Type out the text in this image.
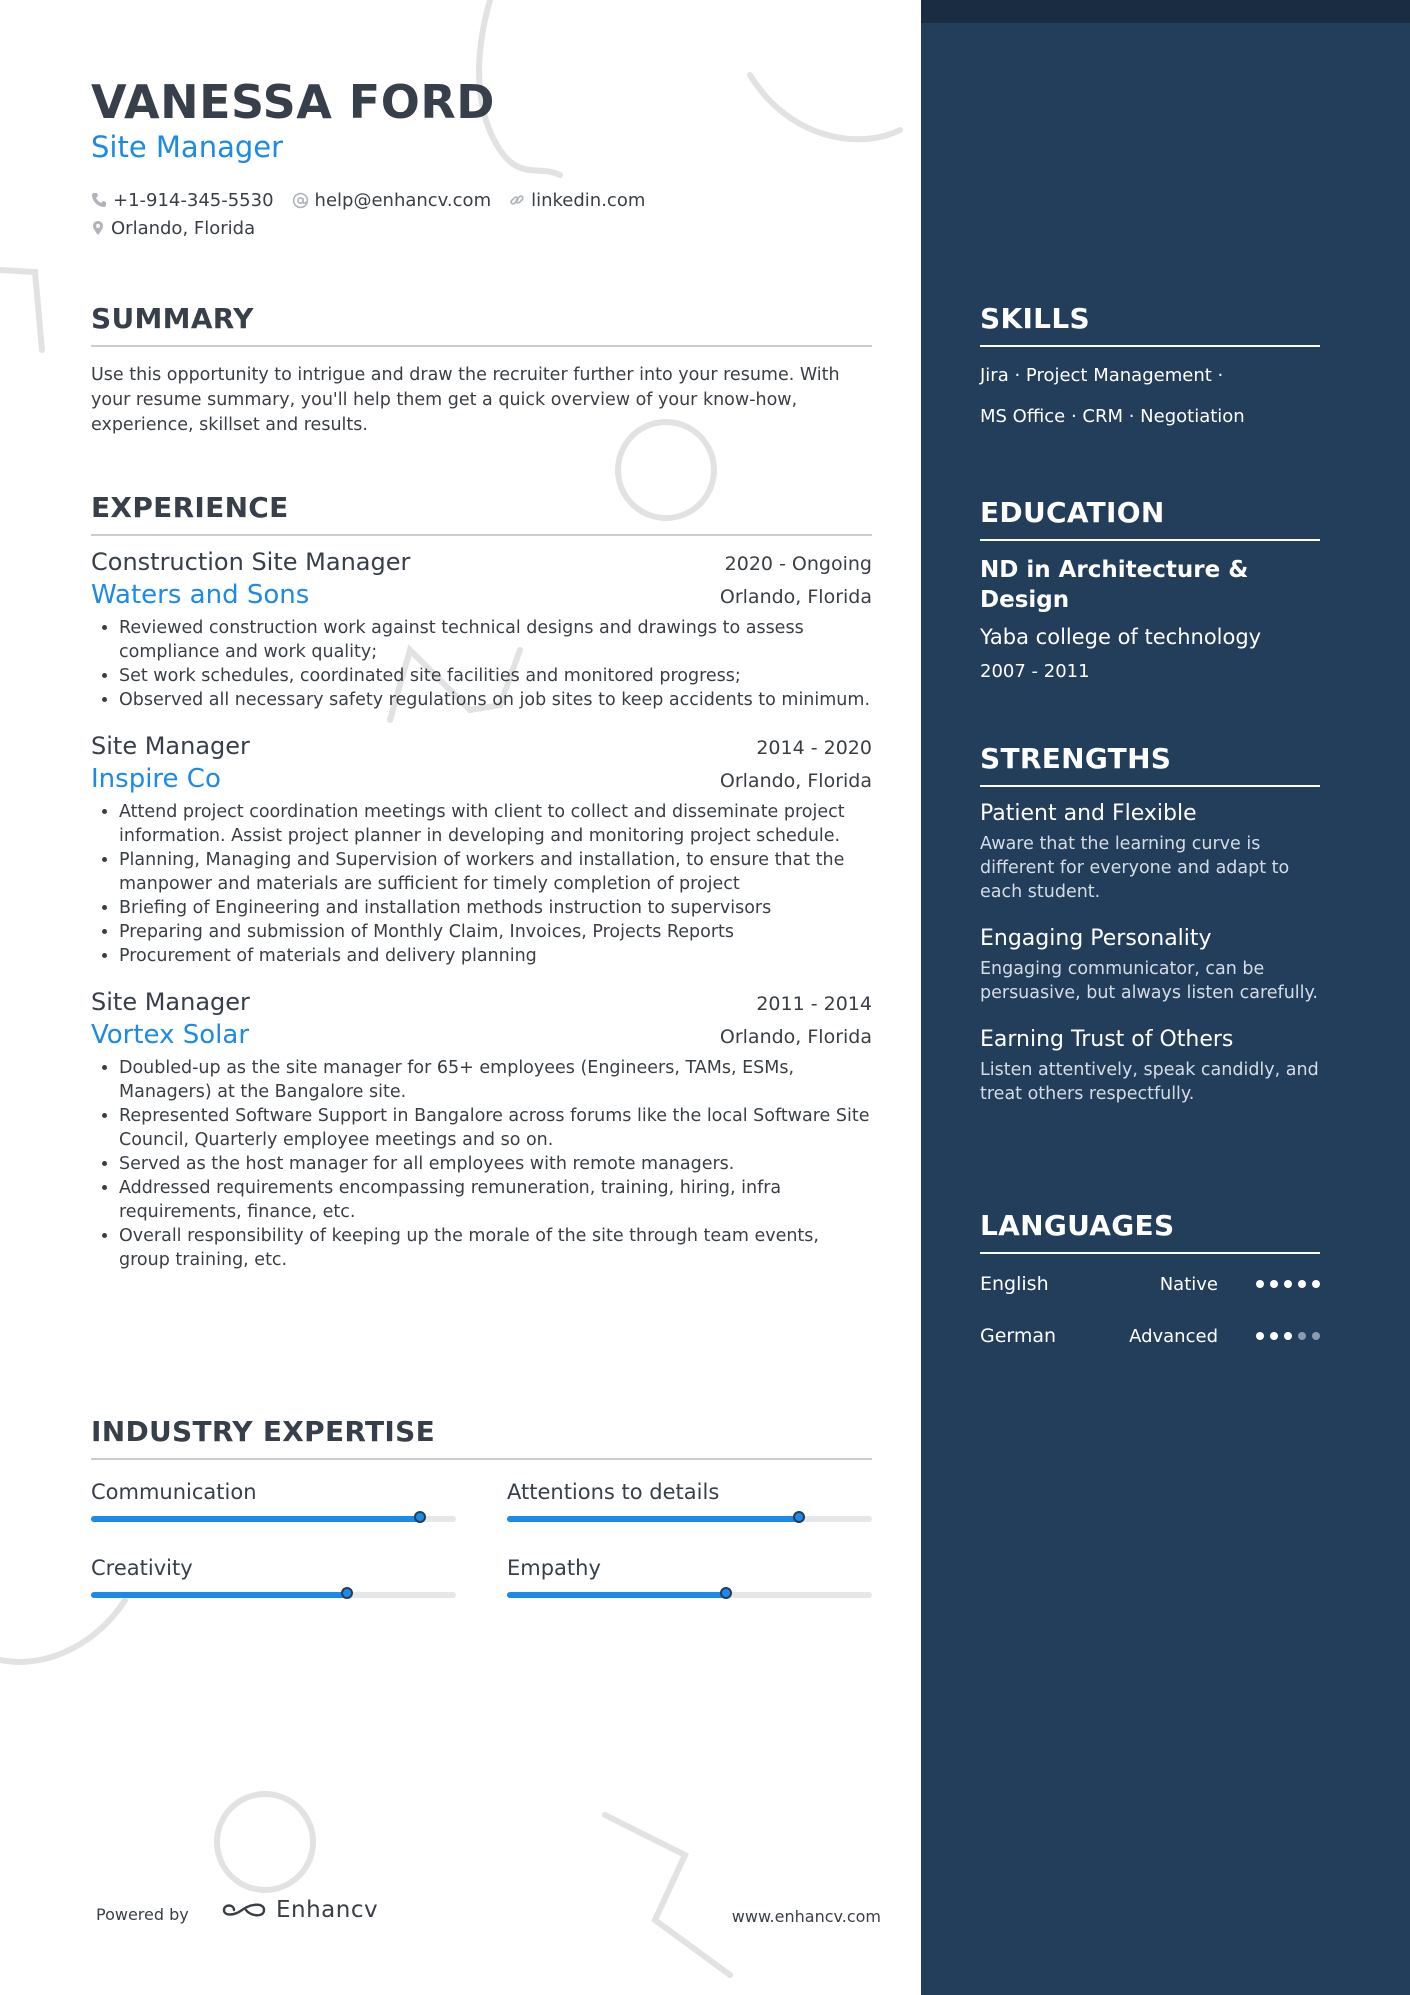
VANESSA FORD
Site Manager
+1-914-345-5530 help@enhancv.com linkedin.com
Orlando, Florida
SUMMARY
Use this opportunity to intrigue and draw the recruiter further into your resume. With your resume summary, you'll help them get a quick overview of your know-how, experience, skillset and results.
EXPERIENCE
Construction Site Manager	2020 - Ongoing
Waters and Sons	Orlando, Florida
• Reviewed construction work against technical designs and drawings to assess compliance and work quality;
• Set work schedules, coordinated site facilities and monitored progress;
• Observed all necessary safety regulations on job sites to keep accidents to minimum.
Site Manager	2014 - 2020
Inspire Co	Orlando, Florida
• Attend project coordination meetings with client to collect and disseminate project information. Assist project planner in developing and monitoring project schedule.
• Planning, Managing and Supervision of workers and installation, to ensure that the manpower and materials are sufficient for timely completion of project
• Briefing of Engineering and installation methods instruction to supervisors
• Preparing and submission of Monthly Claim, Invoices, Projects Reports
• Procurement of materials and delivery planning
Site Manager	2011 - 2014
Vortex Solar	Orlando, Florida
• Doubled-up as the site manager for 65+ employees (Engineers, TAMs, ESMs, Managers) at the Bangalore site.
• Represented Software Support in Bangalore across forums like the local Software Site Council, Quarterly employee meetings and so on.
• Served as the host manager for all employees with remote managers.
• Addressed requirements encompassing remuneration, training, hiring, infra requirements, finance, etc.
• Overall responsibility of keeping up the morale of the site through team events, group training, etc.
INDUSTRY EXPERTISE
Communication	Attentions to details
Creativity	Empathy
Powered by	Enhancv	www.enhancv.com
SKILLS
Jira · Project Management ·
MS Office · CRM · Negotiation
EDUCATION
ND in Architecture & Design
Yaba college of technology
2007 - 2011
STRENGTHS
Patient and Flexible
Aware that the learning curve is different for everyone and adapt to each student.
Engaging Personality
Engaging communicator, can be persuasive, but always listen carefully.
Earning Trust of Others
Listen attentively, speak candidly, and treat others respectfully.
LANGUAGES
English	Native
German	Advanced
